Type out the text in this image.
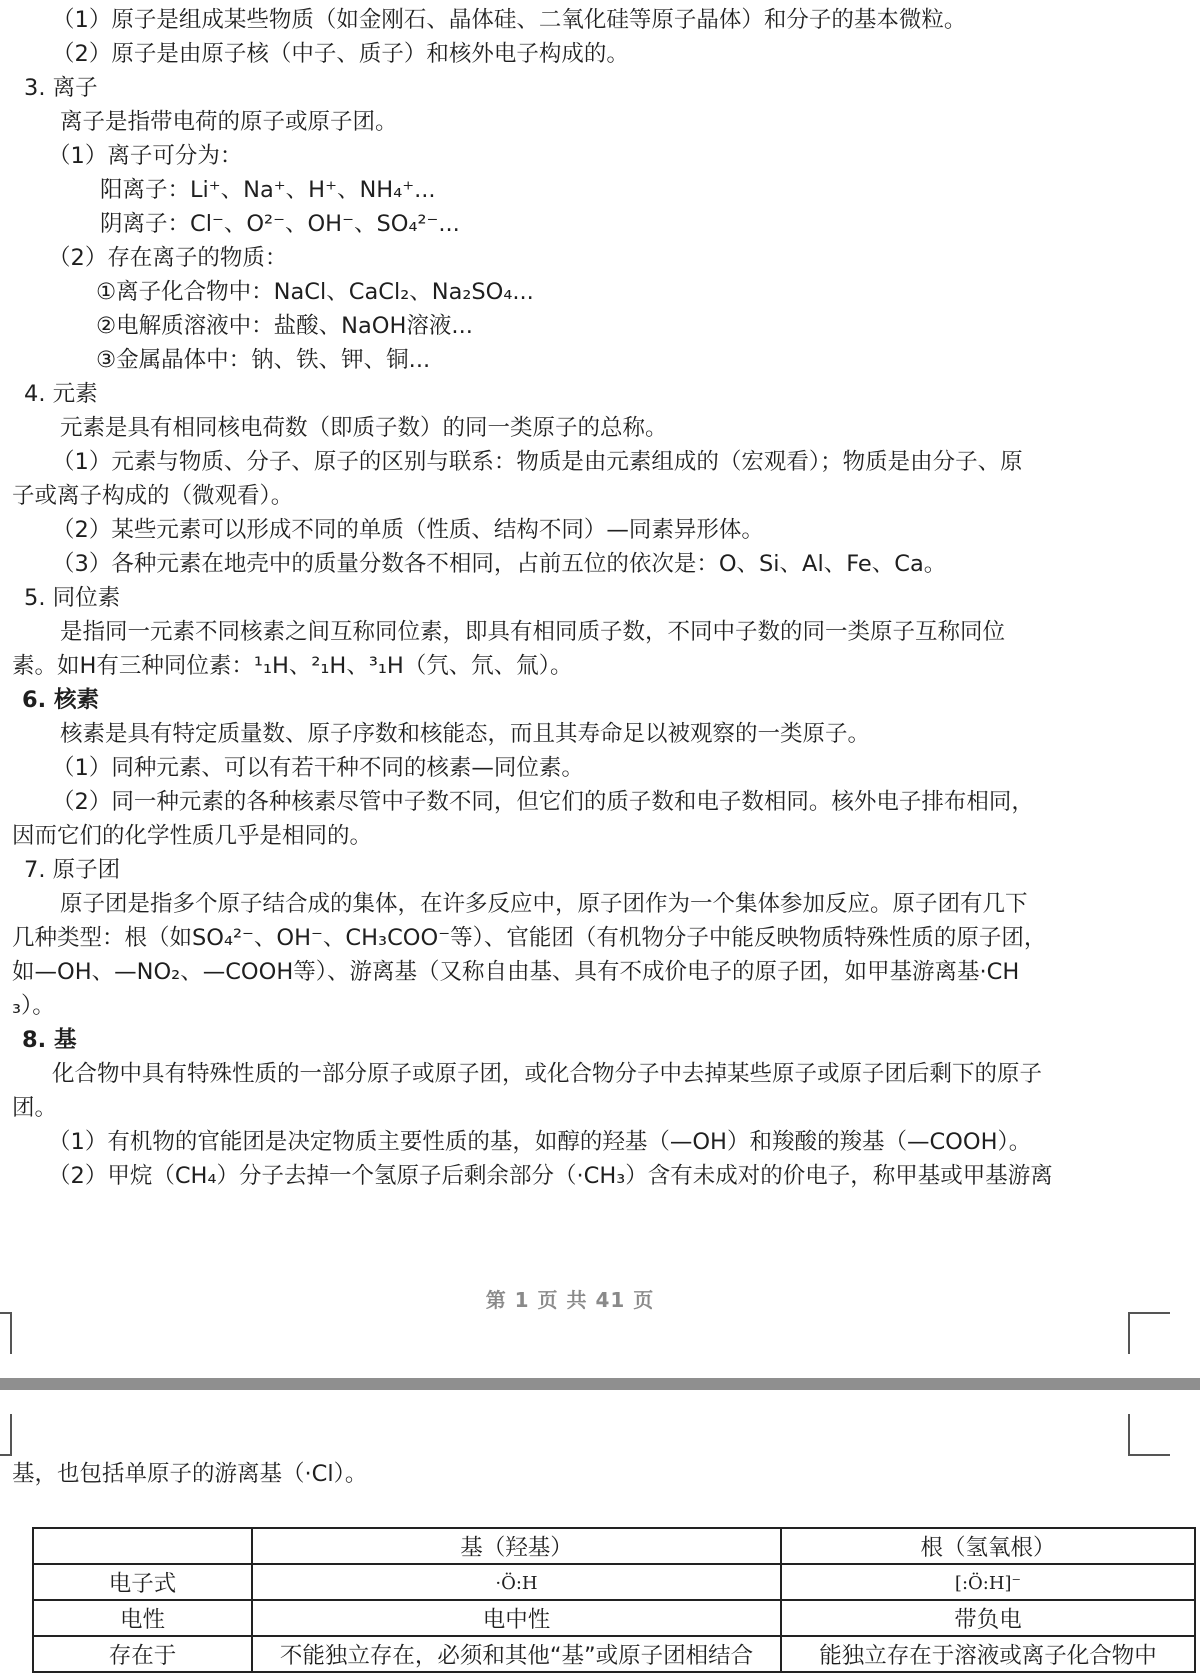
（1）原子是组成某些物质（如金刚石、晶体硅、二氧化硅等原子晶体）和分子的基本微粒。
（2）原子是由原子核（中子、质子）和核外电子构成的。
3. 离子
离子是指带电荷的原子或原子团。
（1）离子可分为：
阳离子：Li⁺、Na⁺、H⁺、NH₄⁺...
阴离子：Cl⁻、O²⁻、OH⁻、SO₄²⁻...
（2）存在离子的物质：
①离子化合物中：NaCl、CaCl₂、Na₂SO₄...
②电解质溶液中：盐酸、NaOH溶液...
③金属晶体中：钠、铁、钾、铜...
4. 元素
元素是具有相同核电荷数（即质子数）的同一类原子的总称。
（1）元素与物质、分子、原子的区别与联系：物质是由元素组成的（宏观看）；物质是由分子、原
子或离子构成的（微观看）。
（2）某些元素可以形成不同的单质（性质、结构不同）—同素异形体。
（3）各种元素在地壳中的质量分数各不相同，占前五位的依次是：O、Si、Al、Fe、Ca。
5. 同位素
是指同一元素不同核素之间互称同位素，即具有相同质子数，不同中子数的同一类原子互称同位
素。如H有三种同位素：¹₁H、²₁H、³₁H（氕、氘、氚）。
6. 核素
核素是具有特定质量数、原子序数和核能态，而且其寿命足以被观察的一类原子。
（1）同种元素、可以有若干种不同的核素—同位素。
（2）同一种元素的各种核素尽管中子数不同，但它们的质子数和电子数相同。核外电子排布相同，
因而它们的化学性质几乎是相同的。
7. 原子团
原子团是指多个原子结合成的集体，在许多反应中，原子团作为一个集体参加反应。原子团有几下
几种类型：根（如SO₄²⁻、OH⁻、CH₃COO⁻等）、官能团（有机物分子中能反映物质特殊性质的原子团，
如—OH、—NO₂、—COOH等）、游离基（又称自由基、具有不成价电子的原子团，如甲基游离基·CH
₃）。
8. 基
化合物中具有特殊性质的一部分原子或原子团，或化合物分子中去掉某些原子或原子团后剩下的原子
团。
（1）有机物的官能团是决定物质主要性质的基，如醇的羟基（—OH）和羧酸的羧基（—COOH）。
（2）甲烷（CH₄）分子去掉一个氢原子后剩余部分（·CH₃）含有未成对的价电子，称甲基或甲基游离
第 1 页 共 41 页
基，也包括单原子的游离基（·Cl）。
	基（羟基）	根（氢氧根）
电子式	·Ö:H	[:Ö:H]⁻
电性	电中性	带负电
存在于	不能独立存在，必须和其他“基”或原子团相结合	能独立存在于溶液或离子化合物中
